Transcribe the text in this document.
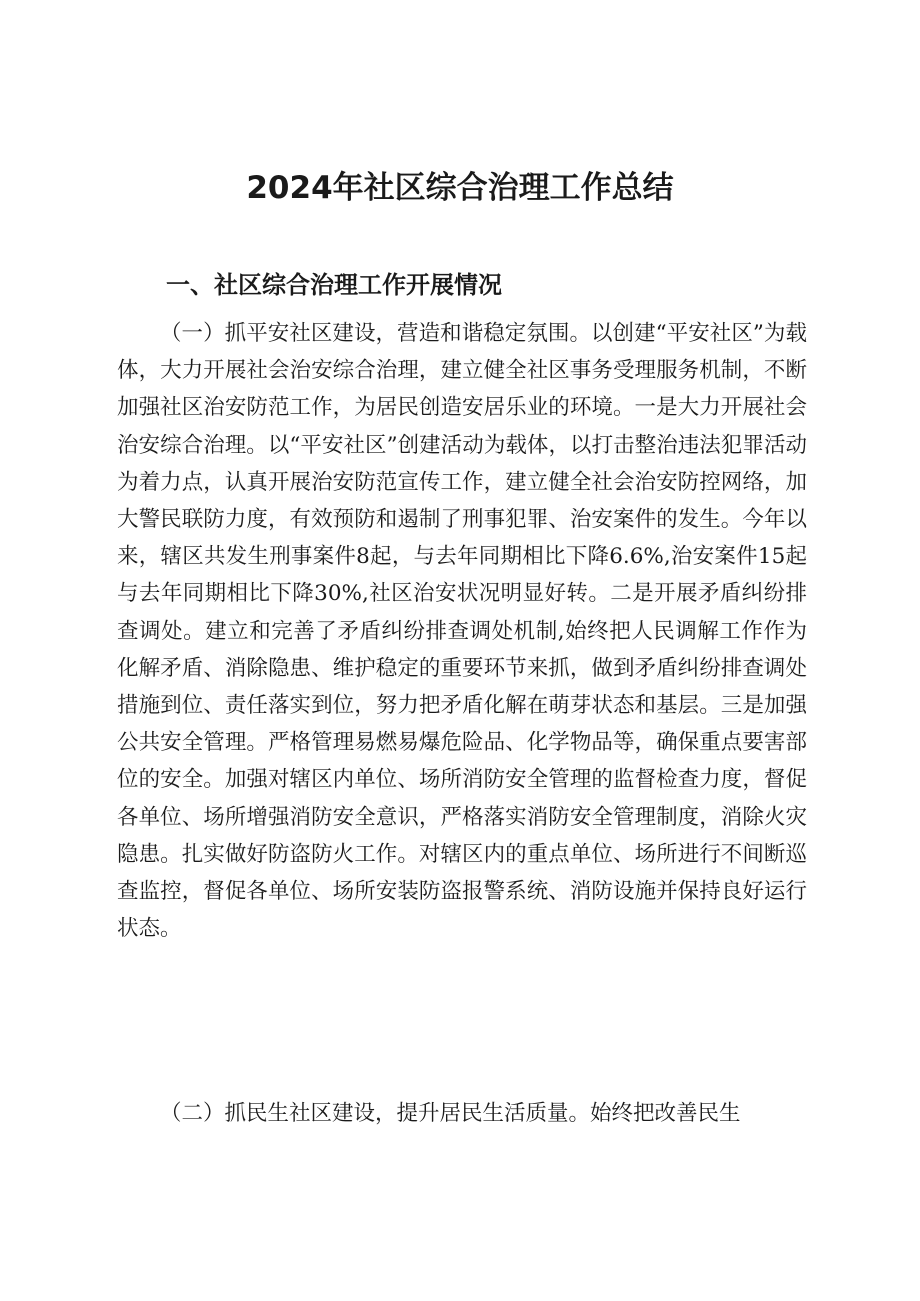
2024年社区综合治理工作总结
一、社区综合治理工作开展情况

（一）抓平安社区建设，营造和谐稳定氛围。以创建“平安社区”为载体，大力开展社会治安综合治理，建立健全社区事务受理服务机制，不断加强社区治安防范工作，为居民创造安居乐业的环境。一是大力开展社会治安综合治理。以“平安社区”创建活动为载体，以打击整治违法犯罪活动为着力点，认真开展治安防范宣传工作，建立健全社会治安防控网络，加大警民联防力度，有效预防和遏制了刑事犯罪、治安案件的发生。今年以来，辖区共发生刑事案件8起，与去年同期相比下降6.6%,治安案件15起与去年同期相比下降30%,社区治安状况明显好转。二是开展矛盾纠纷排查调处。建立和完善了矛盾纠纷排查调处机制,始终把人民调解工作作为化解矛盾、消除隐患、维护稳定的重要环节来抓，做到矛盾纠纷排查调处措施到位、责任落实到位，努力把矛盾化解在萌芽状态和基层。三是加强公共安全管理。严格管理易燃易爆危险品、化学物品等，确保重点要害部位的安全。加强对辖区内单位、场所消防安全管理的监督检查力度，督促各单位、场所增强消防安全意识，严格落实消防安全管理制度，消除火灾隐患。扎实做好防盗防火工作。对辖区内的重点单位、场所进行不间断巡查监控，督促各单位、场所安装防盗报警系统、消防设施并保持良好运行状态。

（二）抓民生社区建设，提升居民生活质量。始终把改善民生
